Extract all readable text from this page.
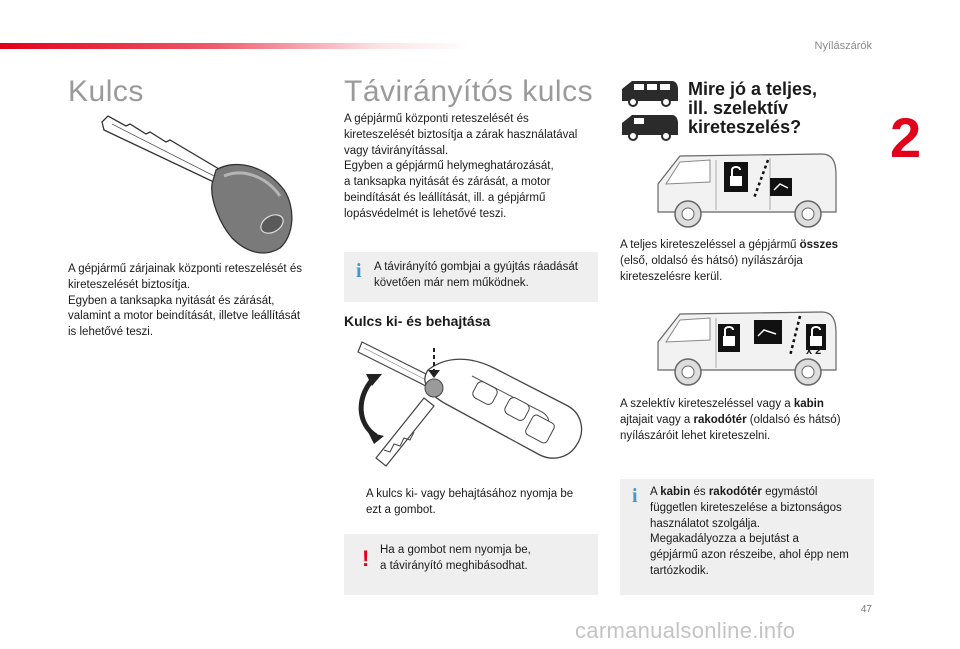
Nyílászárók
2
Kulcs

A gépjármű zárjainak központi reteszelését és

kireteszelését biztosítja.

Egyben a tanksapka nyitását és zárását,

valamint a motor beindítását, illetve leállítását

is lehetővé teszi.

Távirányítós kulcs

A gépjármű központi reteszelését és

kireteszelését biztosítja a zárak használatával

vagy távirányítással.

Egyben a gépjármű helymeghatározását,

a tanksapka nyitását és zárását, a motor

beindítását és leállítását, ill. a gépjármű

lopásvédelmét is lehetővé teszi.

i A távirányító gombjai a gyújtás ráadását

követően már nem működnek.

Kulcs ki- és behajtása

A kulcs ki- vagy behajtásához nyomja be

ezt a gombot.

! Ha a gombot nem nyomja be,

a távirányító meghibásodhat.

Mire jó a teljes,
ill. szelektív
kireteszelés?

A teljes kireteszeléssel a gépjármű összes

(első, oldalsó és hátsó) nyílászárója

kireteszelésre kerül.

x 2

A szelektív kireteszeléssel vagy a kabin

ajtajait vagy a rakodótér (oldalsó és hátsó)

nyílászáróit lehet kireteszelni.

i A kabin és rakodótér egymástól

független kireteszelése a biztonságos

használatot szolgálja.

Megakadályozza a bejutást a

gépjármű azon részeibe, ahol épp nem

tartózkodik.

47
carmanualsonline.info
